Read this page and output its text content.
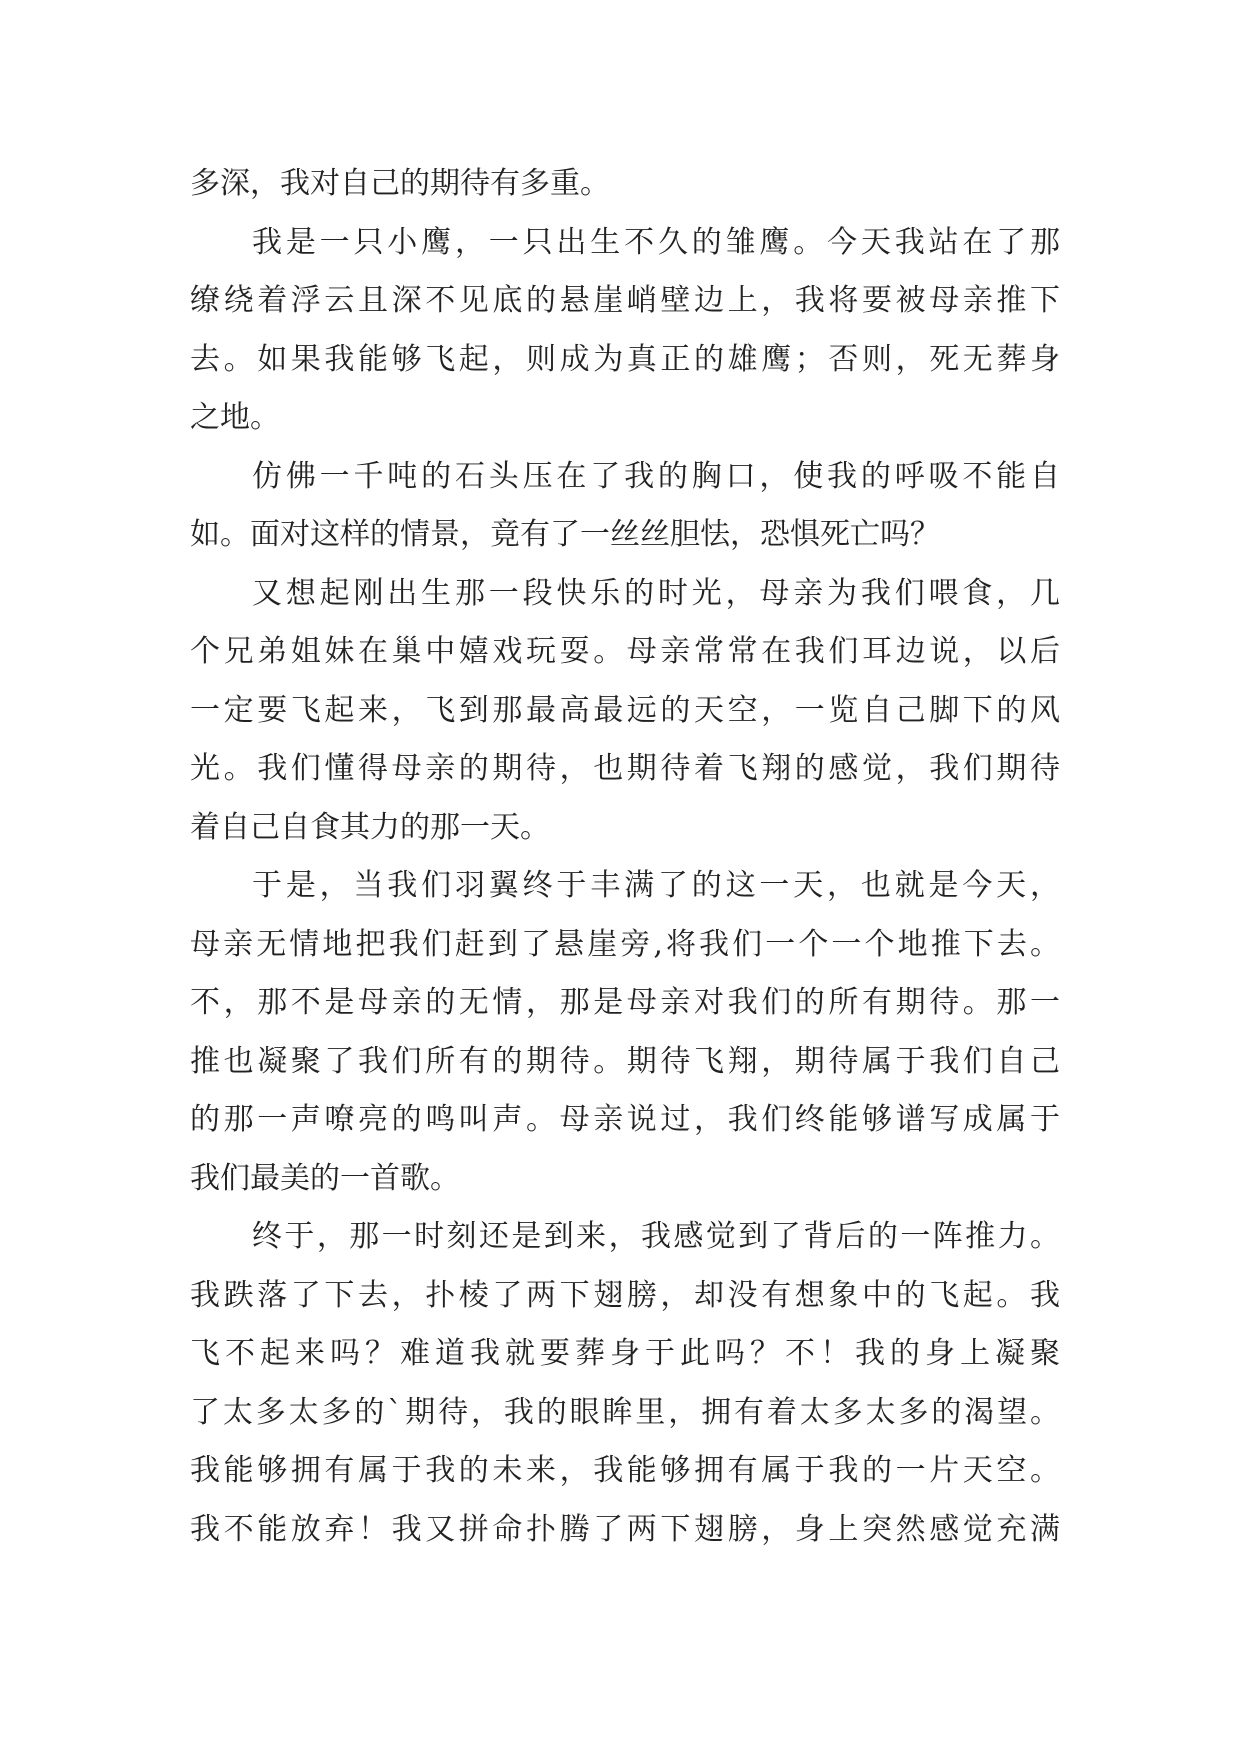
多深，我对自己的期待有多重。
我是一只小鹰，一只出生不久的雏鹰。今天我站在了那
缭绕着浮云且深不见底的悬崖峭壁边上，我将要被母亲推下
去。如果我能够飞起，则成为真正的雄鹰；否则，死无葬身
之地。
仿佛一千吨的石头压在了我的胸口，使我的呼吸不能自
如。面对这样的情景，竟有了一丝丝胆怯，恐惧死亡吗？
又想起刚出生那一段快乐的时光，母亲为我们喂食，几
个兄弟姐妹在巢中嬉戏玩耍。母亲常常在我们耳边说，以后
一定要飞起来，飞到那最高最远的天空，一览自己脚下的风
光。我们懂得母亲的期待，也期待着飞翔的感觉，我们期待
着自己自食其力的那一天。
于是，当我们羽翼终于丰满了的这一天，也就是今天，
母亲无情地把我们赶到了悬崖旁,将我们一个一个地推下去。
不，那不是母亲的无情，那是母亲对我们的所有期待。那一
推也凝聚了我们所有的期待。期待飞翔，期待属于我们自己
的那一声嘹亮的鸣叫声。母亲说过，我们终能够谱写成属于
我们最美的一首歌。
终于，那一时刻还是到来，我感觉到了背后的一阵推力。
我跌落了下去，扑棱了两下翅膀，却没有想象中的飞起。我
飞不起来吗？难道我就要葬身于此吗？不！我的身上凝聚
了太多太多的`期待，我的眼眸里，拥有着太多太多的渴望。
我能够拥有属于我的未来，我能够拥有属于我的一片天空。
我不能放弃！我又拼命扑腾了两下翅膀，身上突然感觉充满
